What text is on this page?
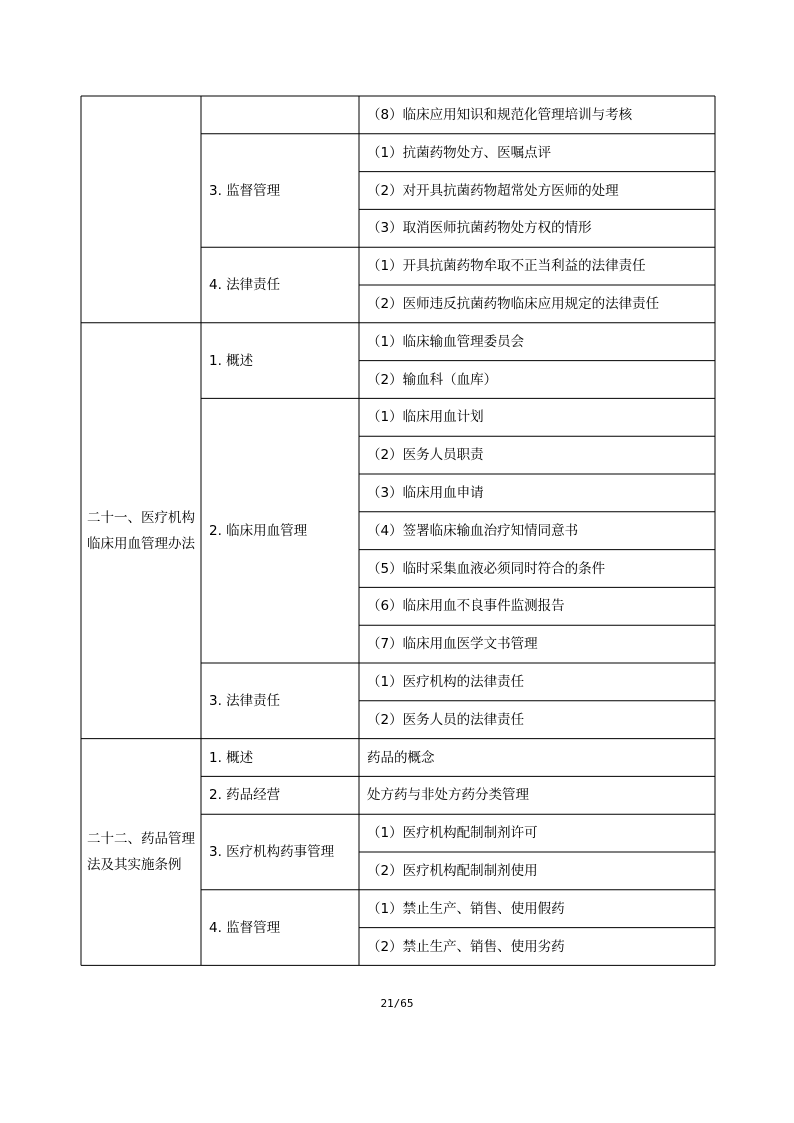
（8）临床应用知识和规范化管理培训与考核
（1）抗菌药物处方、医嘱点评
（2）对开具抗菌药物超常处方医师的处理
（3）取消医师抗菌药物处方权的情形
3. 监督管理
（1）开具抗菌药物牟取不正当利益的法律责任
（2）医师违反抗菌药物临床应用规定的法律责任
4. 法律责任
（1）临床输血管理委员会
（2）输血科（血库）
1. 概述
（1）临床用血计划
（2）医务人员职责
（3）临床用血申请
（4）签署临床输血治疗知情同意书
（5）临时采集血液必须同时符合的条件
（6）临床用血不良事件监测报告
（7）临床用血医学文书管理
2. 临床用血管理
（1）医疗机构的法律责任
（2）医务人员的法律责任
3. 法律责任
二十一、医疗机构临床用血管理办法
药品的概念
1. 概述
处方药与非处方药分类管理
2. 药品经营
（1）医疗机构配制制剂许可
（2）医疗机构配制制剂使用
3. 医疗机构药事管理
（1）禁止生产、销售、使用假药
（2）禁止生产、销售、使用劣药
4. 监督管理
二十二、药品管理法及其实施条例
21/65
